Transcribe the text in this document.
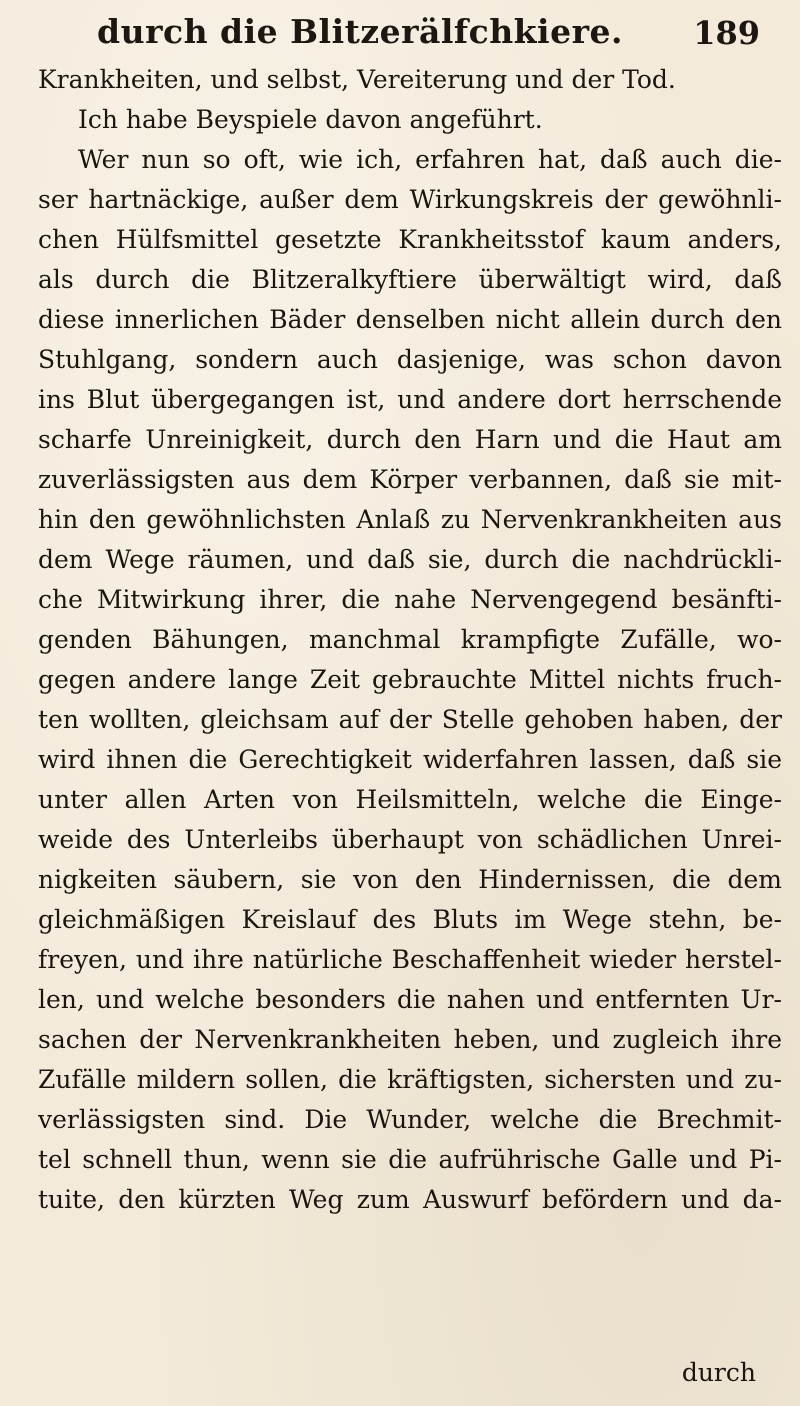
durch die Blitzerälfchkiere.	189
Krankheiten, und selbst, Vereiterung und der Tod.
Ich habe Beyspiele davon angeführt.
Wer nun so oft, wie ich, erfahren hat, daß auch die-
ser hartnäckige, außer dem Wirkungskreis der gewöhnli-
chen Hülfsmittel gesetzte Krankheitsstof kaum anders,
als durch die Blitzeralkyftiere überwältigt wird, daß
diese innerlichen Bäder denselben nicht allein durch den
Stuhlgang, sondern auch dasjenige, was schon davon
ins Blut übergegangen ist, und andere dort herrschende
scharfe Unreinigkeit, durch den Harn und die Haut am
zuverlässigsten aus dem Körper verbannen, daß sie mit-
hin den gewöhnlichsten Anlaß zu Nervenkrankheiten aus
dem Wege räumen, und daß sie, durch die nachdrückli-
che Mitwirkung ihrer, die nahe Nervengegend besänfti-
genden Bähungen, manchmal krampfigte Zufälle, wo-
gegen andere lange Zeit gebrauchte Mittel nichts fruch-
ten wollten, gleichsam auf der Stelle gehoben haben, der
wird ihnen die Gerechtigkeit widerfahren lassen, daß sie
unter allen Arten von Heilsmitteln, welche die Einge-
weide des Unterleibs überhaupt von schädlichen Unrei-
nigkeiten säubern, sie von den Hindernissen, die dem
gleichmäßigen Kreislauf des Bluts im Wege stehn, be-
freyen, und ihre natürliche Beschaffenheit wieder herstel-
len, und welche besonders die nahen und entfernten Ur-
sachen der Nervenkrankheiten heben, und zugleich ihre
Zufälle mildern sollen, die kräftigsten, sichersten und zu-
verlässigsten sind. Die Wunder, welche die Brechmit-
tel schnell thun, wenn sie die aufrührische Galle und Pi-
tuite, den kürzten Weg zum Auswurf befördern und da-
durch
